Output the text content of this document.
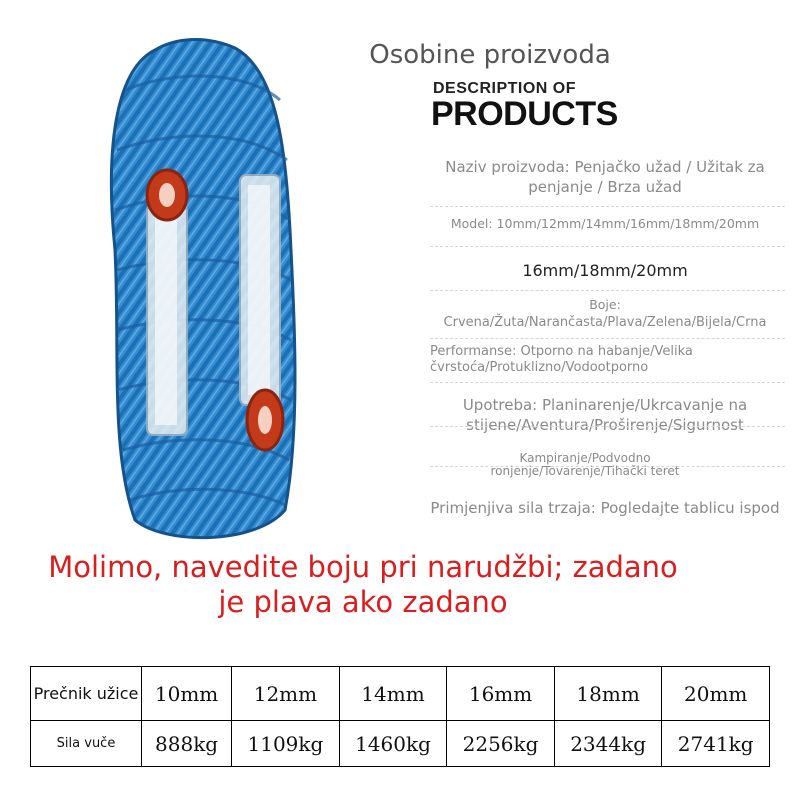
Osobine proizvoda
DESCRIPTION OF
PRODUCTS
Naziv proizvoda: Penjačko užad / Užitak za penjanje / Brza užad
Model: 10mm/12mm/14mm/16mm/18mm/20mm
16mm/18mm/20mm
Boje:
Crvena/Žuta/Narančasta/Plava/Zelena/Bijela/Crna
Performanse: Otporno na habanje/Velika čvrstoća/Protuklizno/Vodootporno
Upotreba: Planinarenje/Ukrcavanje na stijene/Aventura/Proširenje/Sigurnost
Kampiranje/Podvodno ronjenje/Tovarenje/Tihački teret
Primjenjiva sila trzaja: Pogledajte tablicu ispod
Molimo, navedite boju pri narudžbi; zadano
je plava ako zadano
Prečnik užice	10mm	12mm	14mm	16mm	18mm	20mm
Sila vuče	888kg	1109kg	1460kg	2256kg	2344kg	2741kg
